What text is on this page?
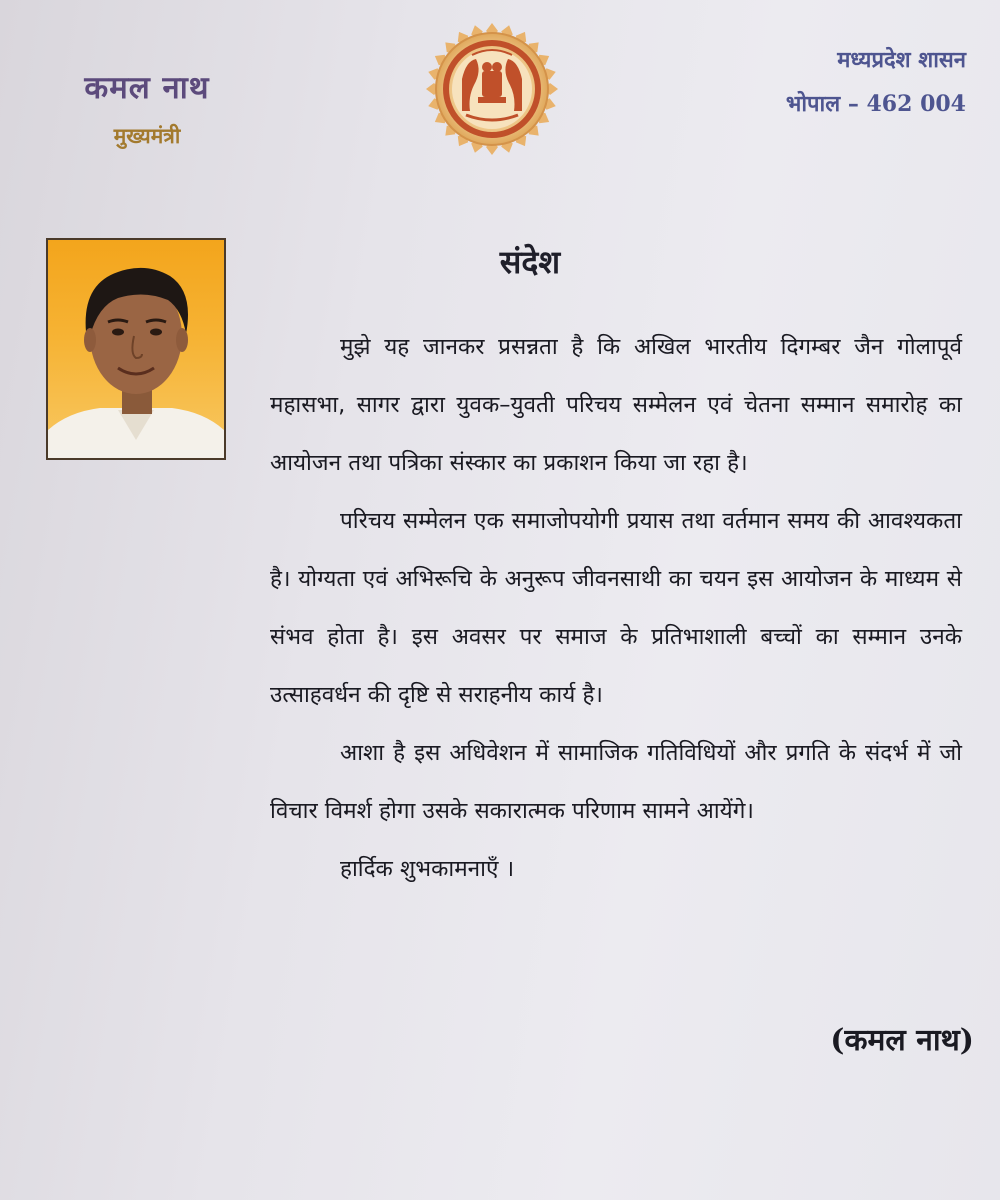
कमल नाथ
मुख्यमंत्री
मध्यप्रदेश शासन
भोपाल – 462 004
संदेश

मुझे यह जानकर प्रसन्नता है कि अखिल भारतीय दिगम्बर जैन गोलापूर्व महासभा, सागर द्वारा युवक–युवती परिचय सम्मेलन एवं चेतना सम्मान समारोह का आयोजन तथा पत्रिका संस्कार का प्रकाशन किया जा रहा है।

परिचय सम्मेलन एक समाजोपयोगी प्रयास तथा वर्तमान समय की आवश्यकता है। योग्यता एवं अभिरूचि के अनुरूप जीवनसाथी का चयन इस आयोजन के माध्यम से संभव होता है। इस अवसर पर समाज के प्रतिभाशाली बच्चों का सम्मान उनके उत्साहवर्धन की दृष्टि से सराहनीय कार्य है।

आशा है इस अधिवेशन में सामाजिक गतिविधियों और प्रगति के संदर्भ में जो विचार विमर्श होगा उसके सकारात्मक परिणाम सामने आयेंगे।

हार्दिक शुभकामनाएँ ।

(कमल नाथ)
